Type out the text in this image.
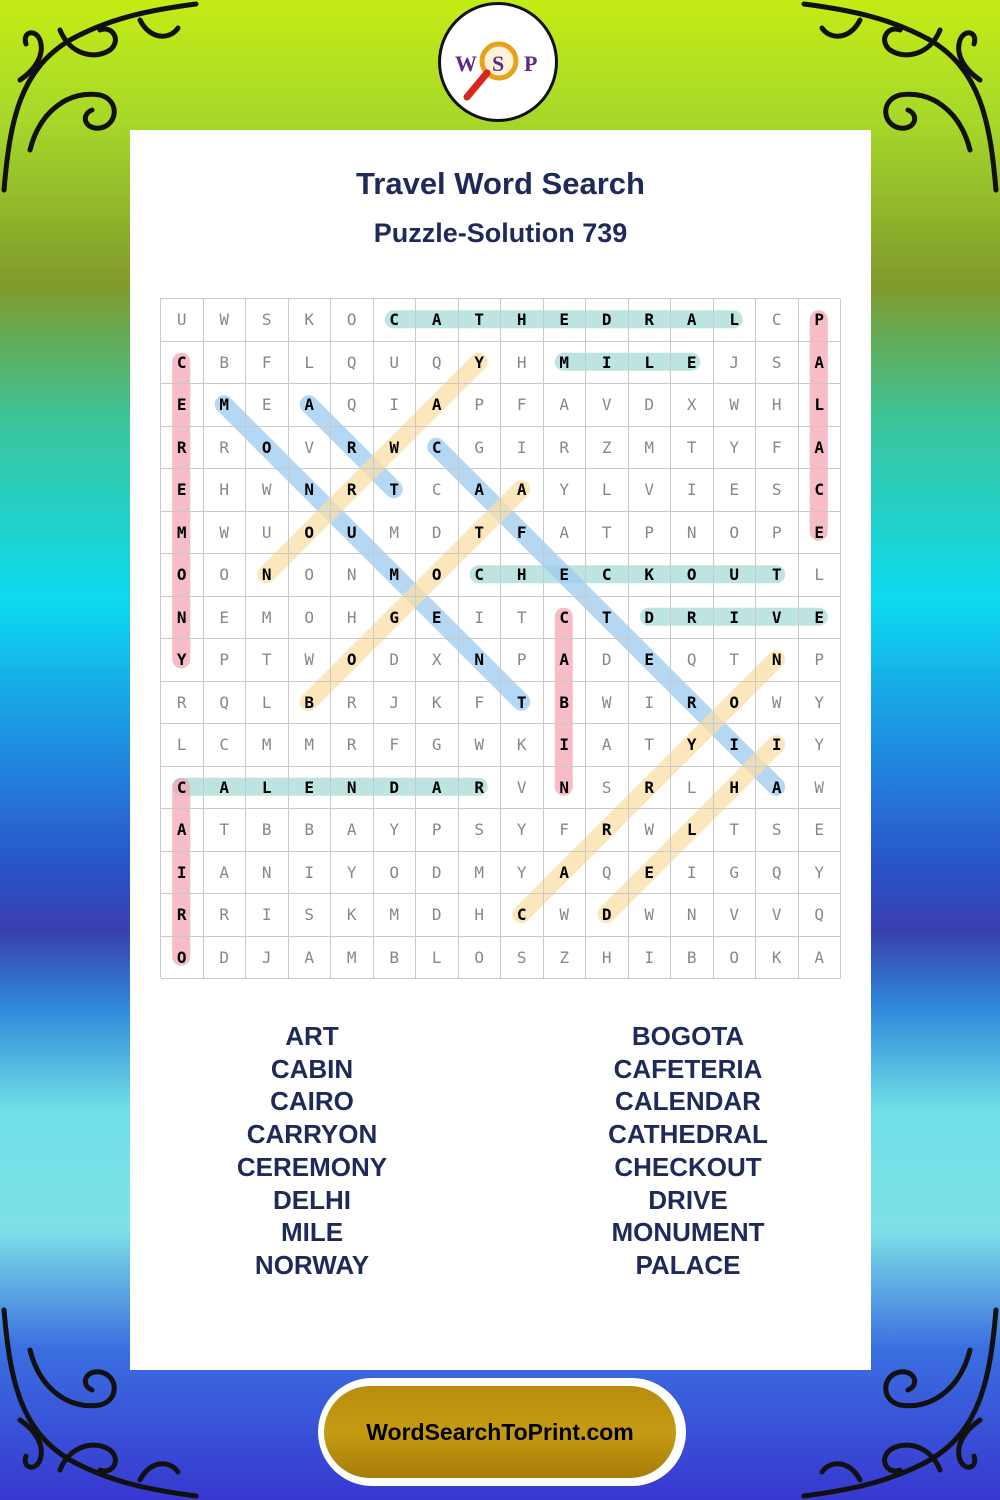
W S P
Travel Word Search
Puzzle-Solution 739
U	W	S	K	O	C	A	T	H	E	D	R	A	L	C	P
C	B	F	L	Q	U	Q	Y	H	M	I	L	E	J	S	A
E	M	E	A	Q	I	A	P	F	A	V	D	X	W	H	L
R	R	O	V	R	W	C	G	I	R	Z	M	T	Y	F	A
E	H	W	N	R	T	C	A	A	Y	L	V	I	E	S	C
M	W	U	O	U	M	D	T	F	A	T	P	N	O	P	E
O	O	N	O	N	M	O	C	H	E	C	K	O	U	T	L
N	E	M	O	H	G	E	I	T	C	T	D	R	I	V	E
Y	P	T	W	O	D	X	N	P	A	D	E	Q	T	N	P
R	Q	L	B	R	J	K	F	T	B	W	I	R	O	W	Y
L	C	M	M	R	F	G	W	K	I	A	T	Y	I	I	Y
C	A	L	E	N	D	A	R	V	N	S	R	L	H	A	W
A	T	B	B	A	Y	P	S	Y	F	R	W	L	T	S	E
I	A	N	I	Y	O	D	M	Y	A	Q	E	I	G	Q	Y
R	R	I	S	K	M	D	H	C	W	D	W	N	V	V	Q
O	D	J	A	M	B	L	O	S	Z	H	I	B	O	K	A
ART
CABIN
CAIRO
CARRYON
CEREMONY
DELHI
MILE
NORWAY
BOGOTA
CAFETERIA
CALENDAR
CATHEDRAL
CHECKOUT
DRIVE
MONUMENT
PALACE
WordSearchToPrint.com
